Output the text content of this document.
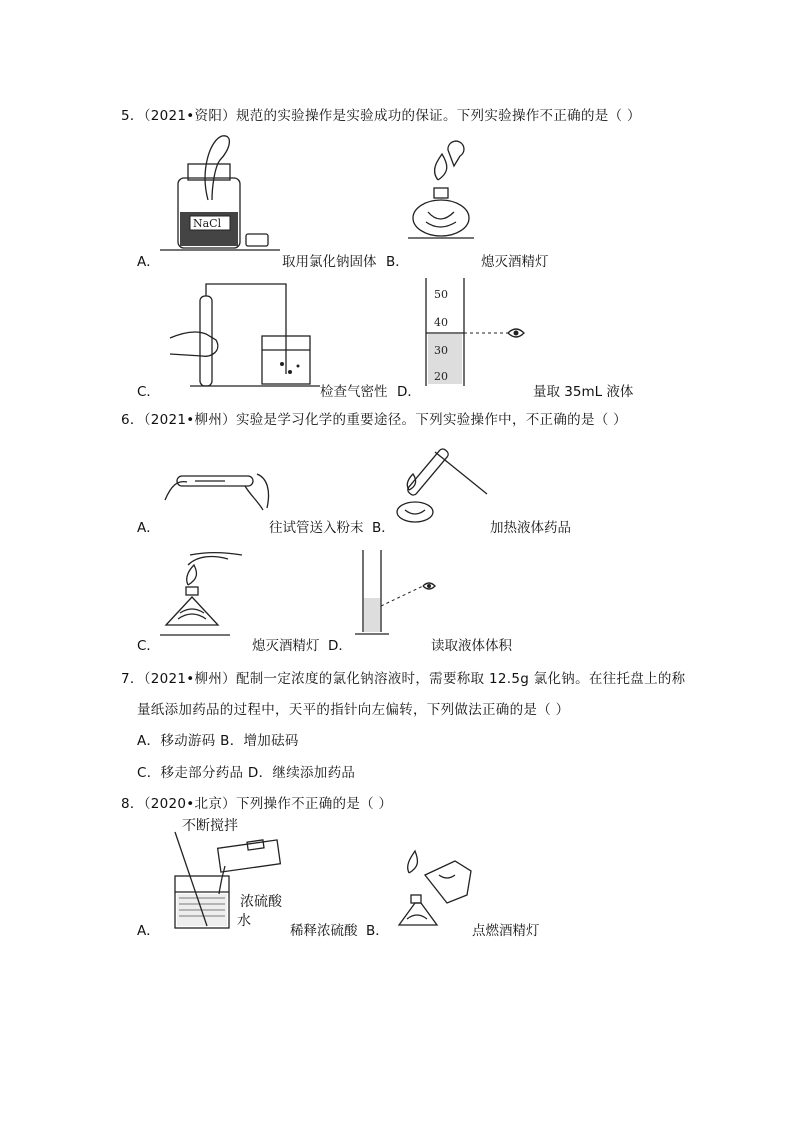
5．（2021•资阳）规范的实验操作是实验成功的保证。下列实验操作不正确的是（ ）
NaCl
A．	取用氯化钠固体 B．	熄灭酒精灯
C．	检查气密性 D．
50
40
30
20
量取 35mL 液体
6．（2021•柳州）实验是学习化学的重要途径。下列实验操作中，不正确的是（ ）
A．	往试管送入粉末 B．	加热液体药品
C．	熄灭酒精灯 D．	读取液体体积
7．（2021•柳州）配制一定浓度的氯化钠溶液时，需要称取 12.5g 氯化钠。在往托盘上的称
量纸添加药品的过程中，天平的指针向左偏转，下列做法正确的是（ ）
A．移动游码 B．增加砝码
C．移走部分药品 D．继续添加药品
8．（2020•北京）下列操作不正确的是（ ）
不断搅拌
浓硫酸
水
A．	稀释浓硫酸 B．	点燃酒精灯
